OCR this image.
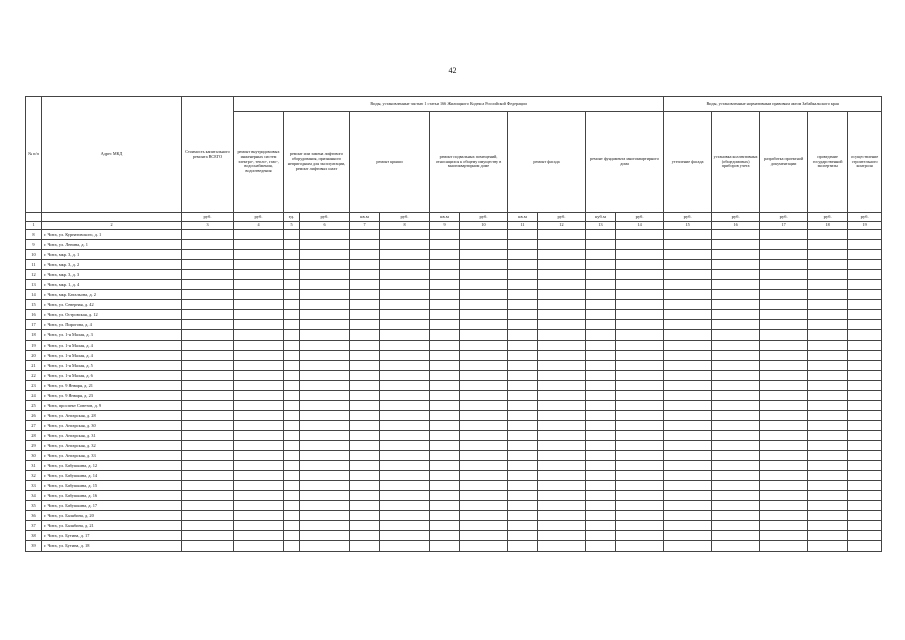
42
№ п/п	Адрес МКД	Стоимость капитального ремонта ВСЕГО	Виды, установленные частью 1 статьи 166 Жилищного Кодекса Российской Федерации											Виды, установленные нормативным правовым актом Забайкальского края				
			ремонт внутридомовых инженерных систем электро-, тепло-, газо-, водоснабжения, водоотведения	ремонт или замена лифтового оборудования, признанного непригодным для эксплуатации, ремонт лифтовых шахт		ремонт крыши		ремонт подвальных помещений, относящихся к общему имуществу в многоквартирном доме		ремонт фасада		ремонт фундамента многоквартирного дома		утепление фасада	установка коллективных (общедомовых) приборов учета	разработка проектной документации	проведение государственной экспертизы	осуществление строительного контроля
		руб.	руб.	ед.	руб.	кв.м	руб.	кв.м	руб.	кв.м	руб.	куб.м	руб.	руб.	руб.	руб.	руб.	руб.
1	2	3	4	5	6	7	8	9	10	11	12	13	14	15	16	17	18	19
8	г. Чита, ул. Курнатовского, д. 1																	
9	г. Чита, ул. Ленина, д. 1																	
10	г. Чита, мкр. 3, д. 1																	
11	г. Чита, мкр. 3, д. 2																	
12	г. Чита, мкр. 3, д. 3																	
13	г. Чита, мкр. 1, д. 4																	
14	г. Чита, мкр. Батальона, д. 2																	
15	г. Чита, ул. Северная, д. 42																	
16	г. Чита, ул. Островская, д. 12																	
17	г. Чита, ул. Пирогова, д. 4																	
18	г. Чита, ул. 1-я Малая, д. 3																	
19	г. Чита, ул. 1-я Малая, д. 4																	
20	г. Чита, ул. 1-я Малая, д. 4																	
21	г. Чита, ул. 1-я Малая, д. 5																	
22	г. Чита, ул. 1-я Малая, д. 6																	
23	г. Чита, ул. 9 Января, д. 21																	
24	г. Чита, ул. 9 Января, д. 23																	
25	г. Чита, проспект Советов, д. 9																	
26	г. Чита, ул. Ангарская, д. 28																	
27	г. Чита, ул. Ангарская, д. 30																	
28	г. Чита, ул. Ангарская, д. 31																	
29	г. Чита, ул. Ангарская, д. 32																	
30	г. Чита, ул. Ангарская, д. 33																	
31	г. Чита, ул. Бабушкина, д. 12																	
32	г. Чита, ул. Бабушкина, д. 14																	
33	г. Чита, ул. Бабушкина, д. 15																	
34	г. Чита, ул. Бабушкина, д. 16																	
35	г. Чита, ул. Бабушкина, д. 17																	
36	г. Чита, ул. Балябина, д. 20																	
37	г. Чита, ул. Балябина, д. 21																	
38	г. Чита, ул. Бутина, д. 17																	
39	г. Чита, ул. Бутина, д. 18																	
